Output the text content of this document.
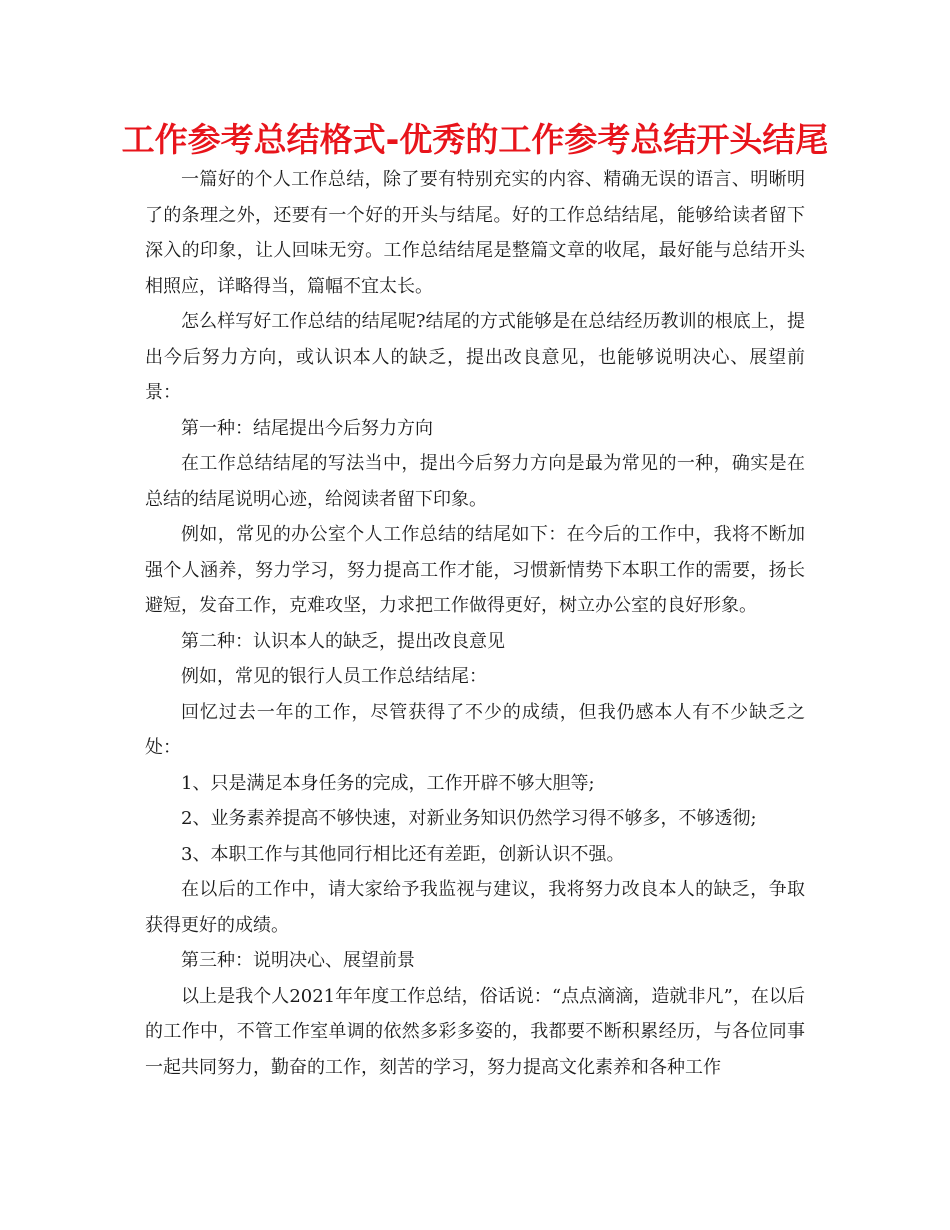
工作参考总结格式-优秀的工作参考总结开头结尾

一篇好的个人工作总结，除了要有特别充实的内容、精确无误的语言、明晰明了的条理之外，还要有一个好的开头与结尾。好的工作总结结尾，能够给读者留下深入的印象，让人回味无穷。工作总结结尾是整篇文章的收尾，最好能与总结开头相照应，详略得当，篇幅不宜太长。

怎么样写好工作总结的结尾呢?结尾的方式能够是在总结经历教训的根底上，提出今后努力方向，或认识本人的缺乏，提出改良意见，也能够说明决心、展望前景：

第一种：结尾提出今后努力方向

在工作总结结尾的写法当中，提出今后努力方向是最为常见的一种，确实是在总结的结尾说明心迹，给阅读者留下印象。

例如，常见的办公室个人工作总结的结尾如下：在今后的工作中，我将不断加强个人涵养，努力学习，努力提高工作才能，习惯新情势下本职工作的需要，扬长避短，发奋工作，克难攻坚，力求把工作做得更好，树立办公室的良好形象。

第二种：认识本人的缺乏，提出改良意见

例如，常见的银行人员工作总结结尾：

回忆过去一年的工作，尽管获得了不少的成绩，但我仍感本人有不少缺乏之处：

1、只是满足本身任务的完成，工作开辟不够大胆等;

2、业务素养提高不够快速，对新业务知识仍然学习得不够多，不够透彻;

3、本职工作与其他同行相比还有差距，创新认识不强。

在以后的工作中，请大家给予我监视与建议，我将努力改良本人的缺乏，争取获得更好的成绩。

第三种：说明决心、展望前景

以上是我个人2021年年度工作总结，俗话说：“点点滴滴，造就非凡”，在以后的工作中，不管工作室单调的依然多彩多姿的，我都要不断积累经历，与各位同事一起共同努力，勤奋的工作，刻苦的学习，努力提高文化素养和各种工作
